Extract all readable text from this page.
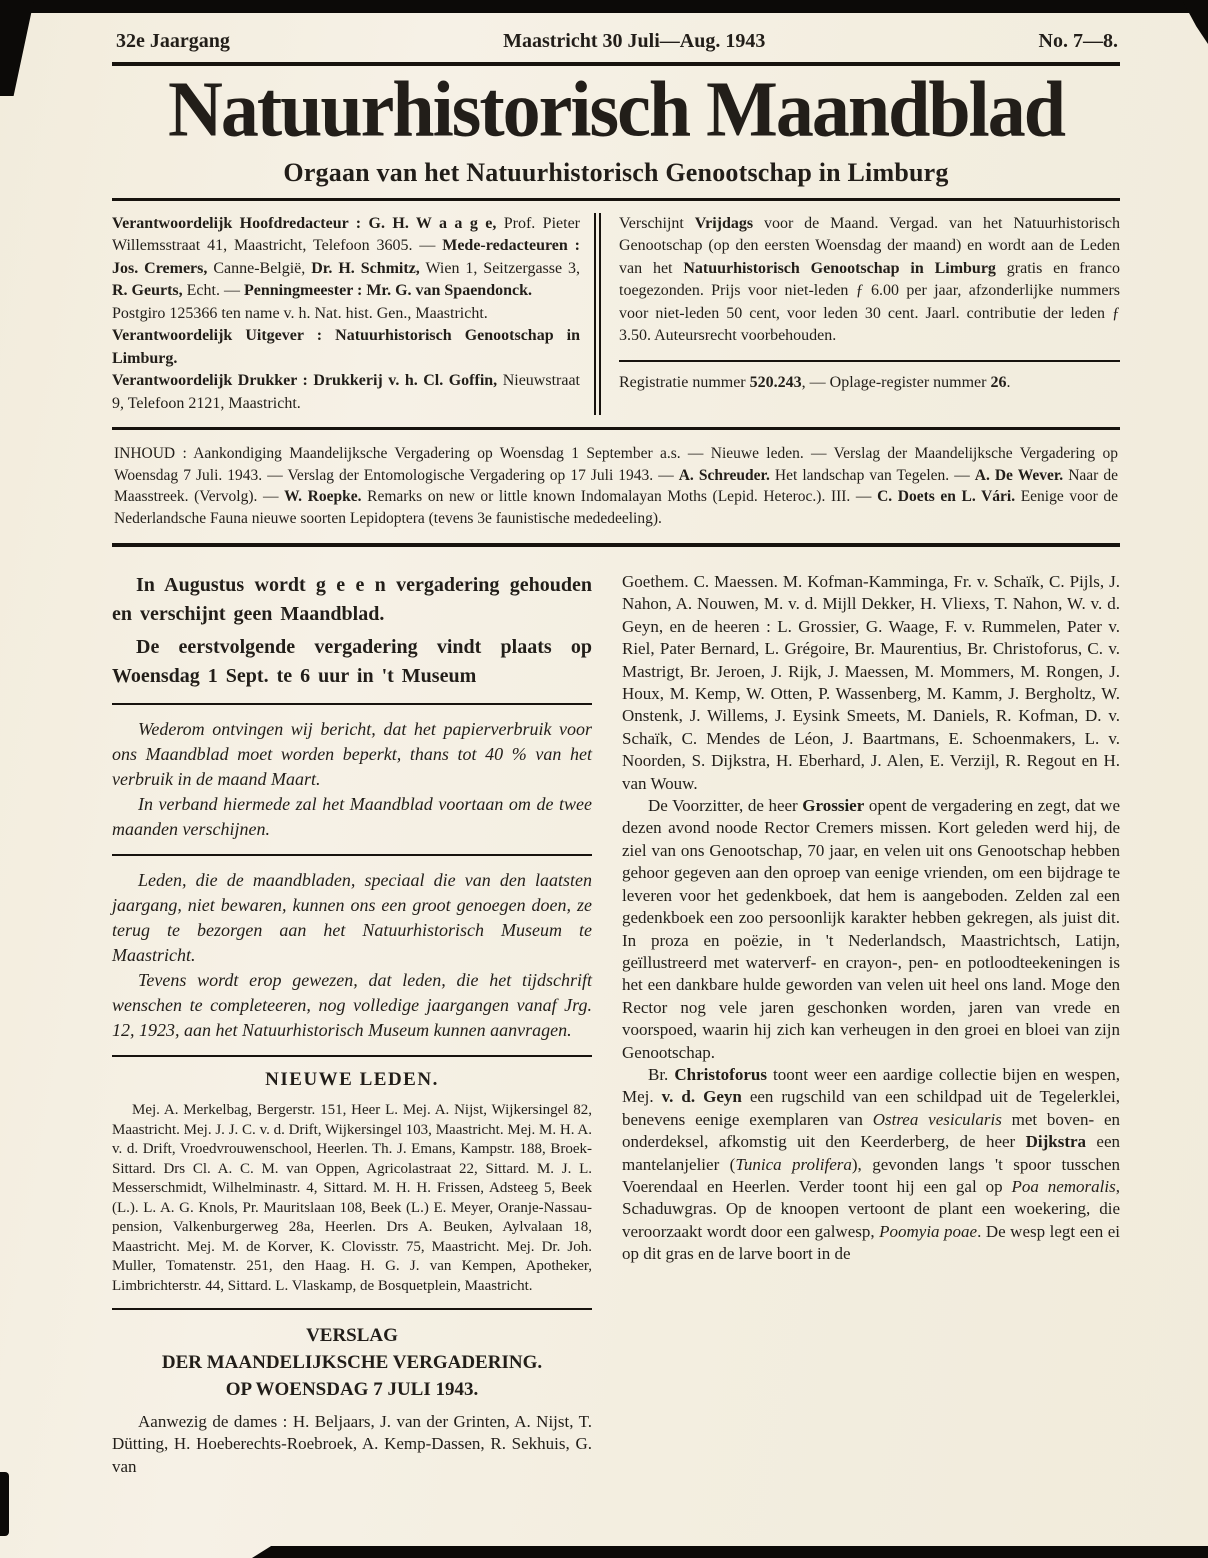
32e Jaargang	Maastricht 30 Juli—Aug. 1943	No. 7—8.
Natuurhistorisch Maandblad
Orgaan van het Natuurhistorisch Genootschap in Limburg

Verantwoordelijk Hoofdredacteur : G. H. W a a g e, Prof. Pieter Willemsstraat 41, Maastricht, Telefoon 3605. — Mede-redacteuren : Jos. Cremers, Canne-België, Dr. H. Schmitz, Wien 1, Seitzergasse 3, R. Geurts, Echt. — Penningmeester : Mr. G. van Spaendonck.

Postgiro 125366 ten name v. h. Nat. hist. Gen., Maastricht.

Verantwoordelijk Uitgever : Natuurhistorisch Genootschap in Limburg.

Verantwoordelijk Drukker : Drukkerij v. h. Cl. Goffin, Nieuwstraat 9, Telefoon 2121, Maastricht.

Verschijnt Vrijdags voor de Maand. Vergad. van het Natuurhistorisch Genootschap (op den eersten Woensdag der maand) en wordt aan de Leden van het Natuurhistorisch Genootschap in Limburg gratis en franco toegezonden. Prijs voor niet-leden ƒ 6.00 per jaar, afzonderlijke nummers voor niet-leden 50 cent, voor leden 30 cent. Jaarl. contributie der leden ƒ 3.50. Auteursrecht voorbehouden.

Registratie nummer 520.243, — Oplage-register nummer 26.

INHOUD : Aankondiging Maandelijksche Vergadering op Woensdag 1 September a.s. — Nieuwe leden. — Verslag der Maandelijksche Vergadering op Woensdag 7 Juli. 1943. — Verslag der Entomologische Vergadering op 17 Juli 1943. — A. Schreuder. Het landschap van Tegelen. — A. De Wever. Naar de Maasstreek. (Vervolg). — W. Roepke. Remarks on new or little known Indomalayan Moths (Lepid. Heteroc.). III. — C. Doets en L. Vári. Eenige voor de Nederlandsche Fauna nieuwe soorten Lepidoptera (tevens 3e faunistische mededeeling).

In Augustus wordt g e e n vergadering gehouden en verschijnt geen Maandblad.

De eerstvolgende vergadering vindt plaats op Woensdag 1 Sept. te 6 uur in 't Museum

Wederom ontvingen wij bericht, dat het papierverbruik voor ons Maandblad moet worden beperkt, thans tot 40 % van het verbruik in de maand Maart.

In verband hiermede zal het Maandblad voortaan om de twee maanden verschijnen.

Leden, die de maandbladen, speciaal die van den laatsten jaargang, niet bewaren, kunnen ons een groot genoegen doen, ze terug te bezorgen aan het Natuurhistorisch Museum te Maastricht.

Tevens wordt erop gewezen, dat leden, die het tijdschrift wenschen te completeeren, nog volledige jaargangen vanaf Jrg. 12, 1923, aan het Natuurhistorisch Museum kunnen aanvragen.

NIEUWE LEDEN.

Mej. A. Merkelbag, Bergerstr. 151, Heer L. Mej. A. Nijst, Wijkersingel 82, Maastricht. Mej. J. J. C. v. d. Drift, Wijkersingel 103, Maastricht. Mej. M. H. A. v. d. Drift, Vroedvrouwenschool, Heerlen. Th. J. Emans, Kampstr. 188, Broek-Sittard. Drs Cl. A. C. M. van Oppen, Agricolastraat 22, Sittard. M. J. L. Messerschmidt, Wilhelminastr. 4, Sittard. M. H. H. Frissen, Adsteeg 5, Beek (L.). L. A. G. Knols, Pr. Mauritslaan 108, Beek (L.) E. Meyer, Oranje-Nassau-pension, Valkenburgerweg 28a, Heerlen. Drs A. Beuken, Aylvalaan 18, Maastricht. Mej. M. de Korver, K. Clovisstr. 75, Maastricht. Mej. Dr. Joh. Muller, Tomatenstr. 251, den Haag. H. G. J. van Kempen, Apotheker, Limbrichterstr. 44, Sittard. L. Vlaskamp, de Bosquetplein, Maastricht.

VERSLAG
DER MAANDELIJKSCHE VERGADERING.
OP WOENSDAG 7 JULI 1943.

Aanwezig de dames : H. Beljaars, J. van der Grinten, A. Nijst, T. Dütting, H. Hoeberechts-Roebroek, A. Kemp-Dassen, R. Sekhuis, G. van

Goethem. C. Maessen. M. Kofman-Kamminga, Fr. v. Schaïk, C. Pijls, J. Nahon, A. Nouwen, M. v. d. Mijll Dekker, H. Vliexs, T. Nahon, W. v. d. Geyn, en de heeren : L. Grossier, G. Waage, F. v. Rummelen, Pater v. Riel, Pater Bernard, L. Grégoire, Br. Maurentius, Br. Christoforus, C. v. Mastrigt, Br. Jeroen, J. Rijk, J. Maessen, M. Mommers, M. Rongen, J. Houx, M. Kemp, W. Otten, P. Wassenberg, M. Kamm, J. Bergholtz, W. Onstenk, J. Willems, J. Eysink Smeets, M. Daniels, R. Kofman, D. v. Schaïk, C. Mendes de Léon, J. Baartmans, E. Schoenmakers, L. v. Noorden, S. Dijkstra, H. Eberhard, J. Alen, E. Verzijl, R. Regout en H. van Wouw.

De Voorzitter, de heer Grossier opent de vergadering en zegt, dat we dezen avond noode Rector Cremers missen. Kort geleden werd hij, de ziel van ons Genootschap, 70 jaar, en velen uit ons Genootschap hebben gehoor gegeven aan den oproep van eenige vrienden, om een bijdrage te leveren voor het gedenkboek, dat hem is aangeboden. Zelden zal een gedenkboek een zoo persoonlijk karakter hebben gekregen, als juist dit. In proza en poëzie, in 't Nederlandsch, Maastrichtsch, Latijn, geïllustreerd met waterverf- en crayon-, pen- en potloodteekeningen is het een dankbare hulde geworden van velen uit heel ons land. Moge den Rector nog vele jaren geschonken worden, jaren van vrede en voorspoed, waarin hij zich kan verheugen in den groei en bloei van zijn Genootschap.

Br. Christoforus toont weer een aardige collectie bijen en wespen, Mej. v. d. Geyn een rugschild van een schildpad uit de Tegelerklei, benevens eenige exemplaren van Ostrea vesicularis met boven- en onderdeksel, afkomstig uit den Keerderberg, de heer Dijkstra een mantelanjelier (Tunica prolifera), gevonden langs 't spoor tusschen Voerendaal en Heerlen. Verder toont hij een gal op Poa nemoralis, Schaduwgras. Op de knoopen vertoont de plant een woekering, die veroorzaakt wordt door een galwesp, Poomyia poae. De wesp legt een ei op dit gras en de larve boort in de
